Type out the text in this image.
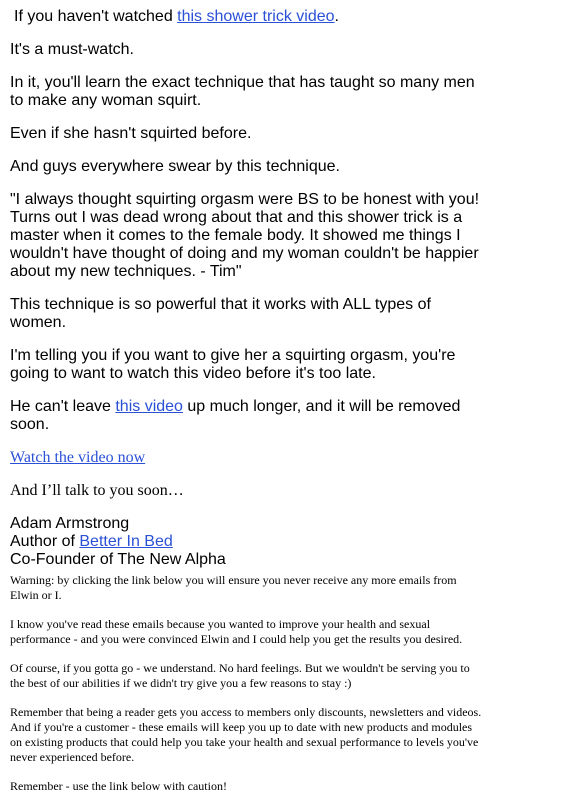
If you haven't watched this shower trick video.

It's a must-watch.

In it, you'll learn the exact technique that has taught so many men to make any woman squirt.

Even if she hasn't squirted before.

And guys everywhere swear by this technique.

"I always thought squirting orgasm were BS to be honest with you! Turns out I was dead wrong about that and this shower trick is a master when it comes to the female body. It showed me things I wouldn't have thought of doing and my woman couldn't be happier about my new techniques. - Tim"

This technique is so powerful that it works with ALL types of women.

I'm telling you if you want to give her a squirting orgasm, you're going to want to watch this video before it's too late.

He can't leave this video up much longer, and it will be removed soon.

Watch the video now

And I’ll talk to you soon…

Adam Armstrong
Author of Better In Bed
Co-Founder of The New Alpha

Warning: by clicking the link below you will ensure you never receive any more emails from Elwin or I.

I know you've read these emails because you wanted to improve your health and sexual performance - and you were convinced Elwin and I could help you get the results you desired.

Of course, if you gotta go - we understand. No hard feelings. But we wouldn't be serving you to the best of our abilities if we didn't try give you a few reasons to stay :)

Remember that being a reader gets you access to members only discounts, newsletters and videos. And if you're a customer - these emails will keep you up to date with new products and modules on existing products that could help you take your health and sexual performance to levels you've never experienced before.

Remember - use the link below with caution!
